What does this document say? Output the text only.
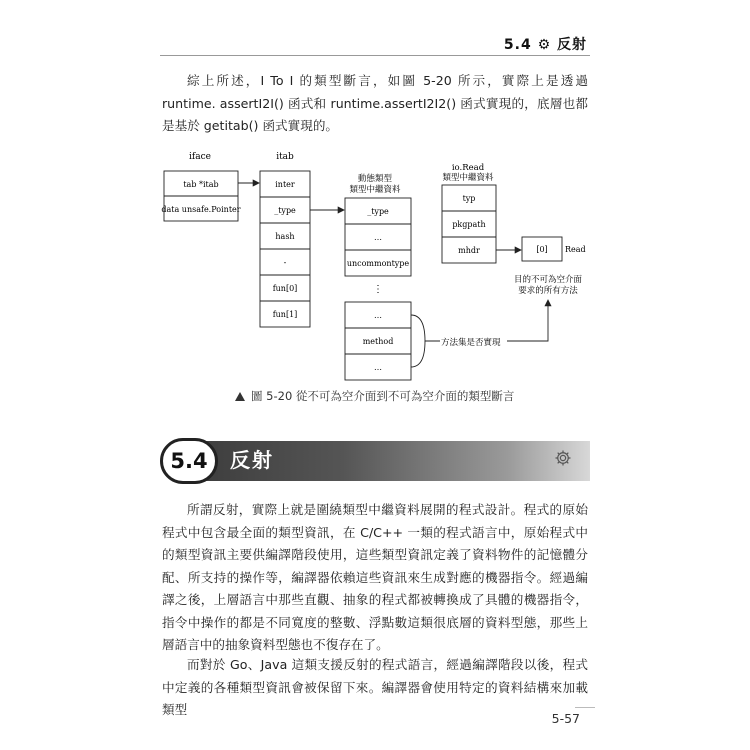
5.4 ⚙ 反射
綜上所述，I To I 的類型斷言，如圖 5-20 所示，實際上是透過 runtime. assertI2I() 函式和 runtime.assertI2I2() 函式實現的，底層也都是基於 getitab() 函式實現的。
iface
tab *itab
data unsafe.Pointer
itab
inter
_type
hash
-
fun[0]
fun[1]
動態類型
類型中繼資料
_type
…
uncommontype
⋮
…
method
…
io.Read
類型中繼資料
typ
pkgpath
mhdr	[0] Read
目的不可為空介面
要求的所有方法
方法集是否實現
圖 5-20 從不可為空介面到不可為空介面的類型斷言
5.4	反射
所謂反射，實際上就是圍繞類型中繼資料展開的程式設計。程式的原始程式中包含最全面的類型資訊，在 C/C++ 一類的程式語言中，原始程式中的類型資訊主要供編譯階段使用，這些類型資訊定義了資料物件的記憶體分配、所支持的操作等，編譯器依賴這些資訊來生成對應的機器指令。經過編譯之後，上層語言中那些直觀、抽象的程式都被轉換成了具體的機器指令，指令中操作的都是不同寬度的整數、浮點數這類很底層的資料型態，那些上層語言中的抽象資料型態也不復存在了。
而對於 Go、Java 這類支援反射的程式語言，經過編譯階段以後，程式中定義的各種類型資訊會被保留下來。編譯器會使用特定的資料結構來加載類型
5-57
